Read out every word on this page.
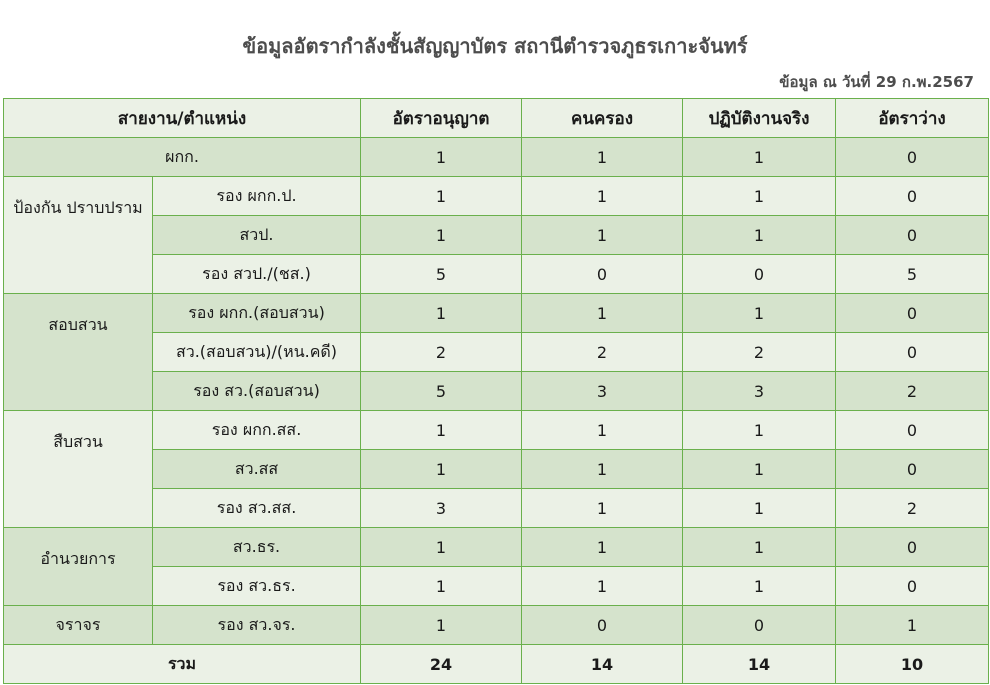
ข้อมูลอัตรากำลังชั้นสัญญาบัตร สถานีตำรวจภูธรเกาะจันทร์
ข้อมูล ณ วันที่ 29 ก.พ.2567
สายงาน/ตำแหน่ง		อัตราอนุญาต	คนครอง	ปฏิบัติงานจริง	อัตราว่าง
ผกก.		1	1	1	0
ป้องกัน ปราบปราม	รอง ผกก.ป.	1	1	1	0
	สวป.	1	1	1	0
	รอง สวป./(ชส.)	5	0	0	5
สอบสวน	รอง ผกก.(สอบสวน)	1	1	1	0
	สว.(สอบสวน)/(หน.คดี)	2	2	2	0
	รอง สว.(สอบสวน)	5	3	3	2
สืบสวน	รอง ผกก.สส.	1	1	1	0
	สว.สส	1	1	1	0
	รอง สว.สส.	3	1	1	2
อำนวยการ	สว.ธร.	1	1	1	0
	รอง สว.ธร.	1	1	1	0
จราจร	รอง สว.จร.	1	0	0	1
รวม		24	14	14	10
